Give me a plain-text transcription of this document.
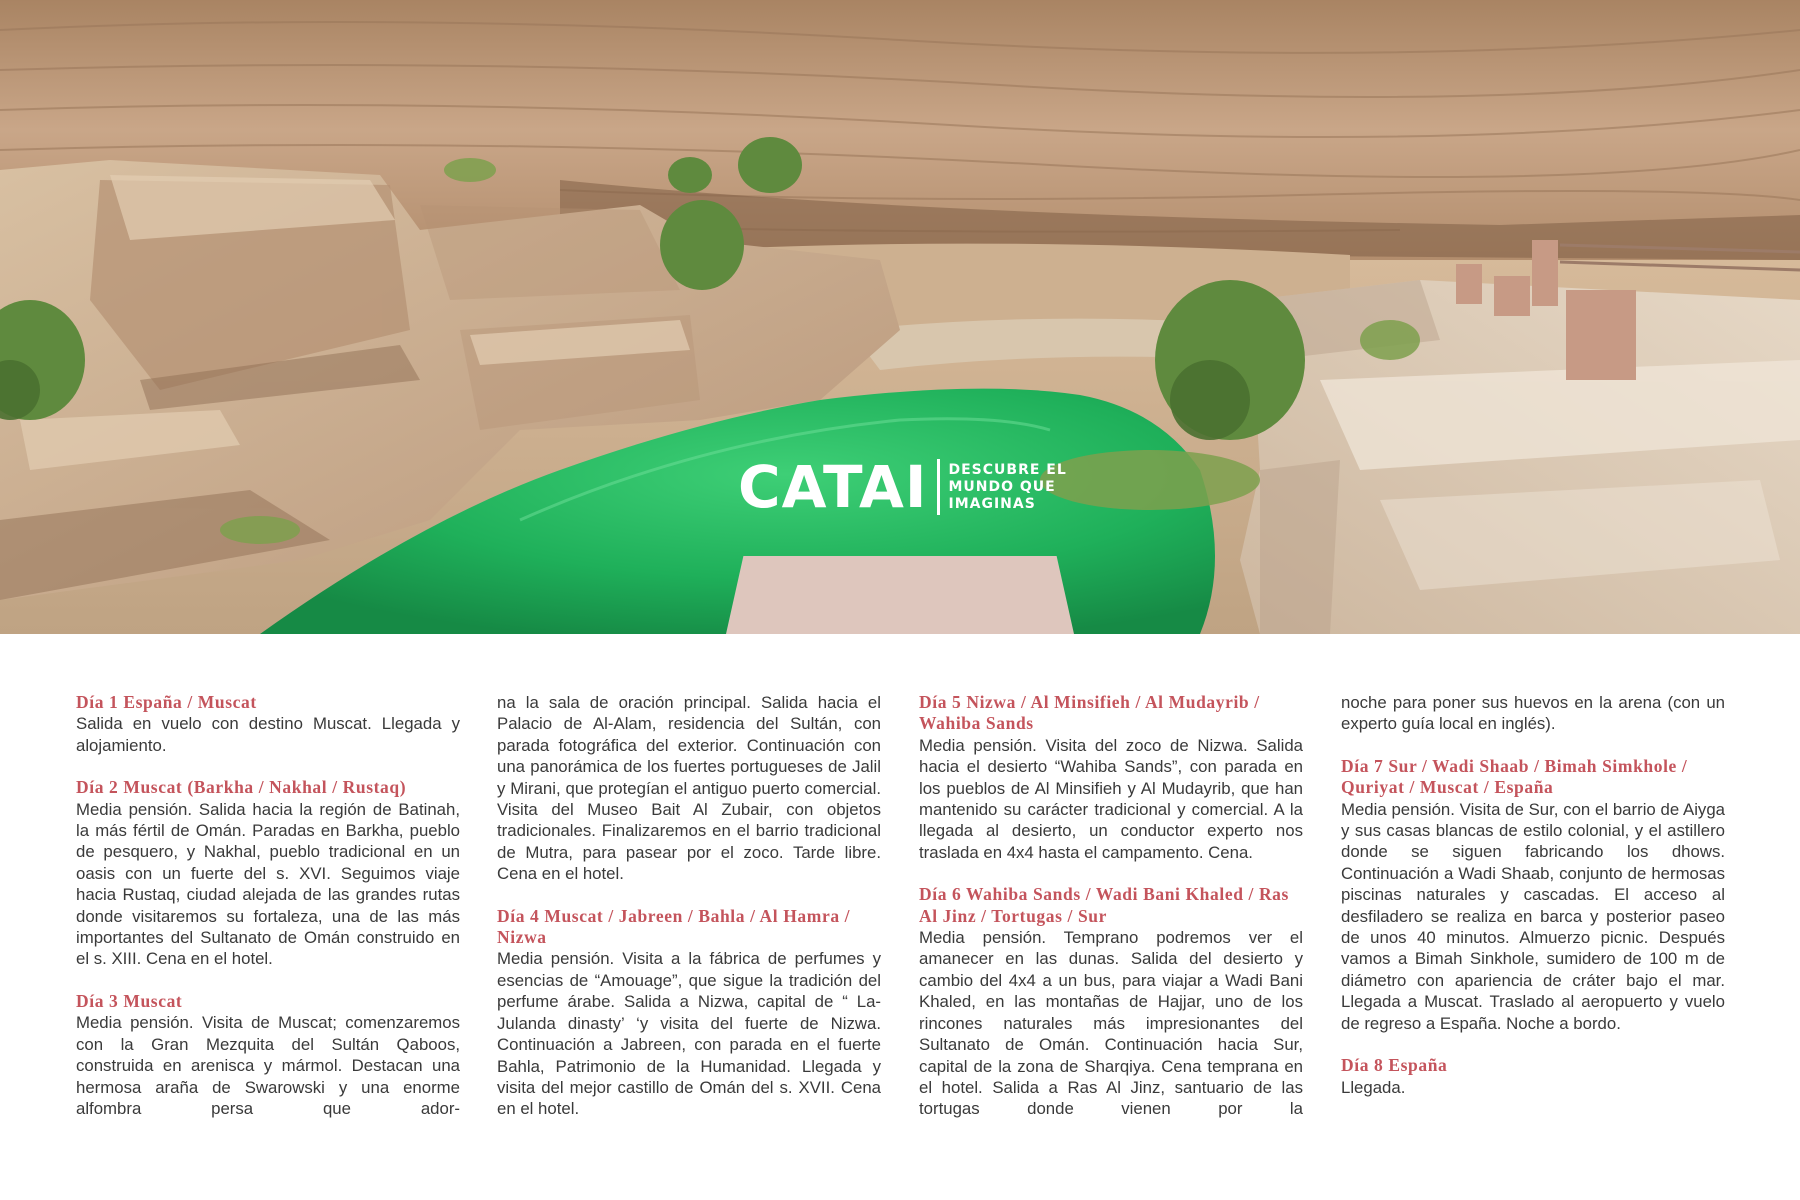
CATAI DESCUBRE EL
MUNDO QUE
IMAGINAS
Día 1 España / Muscat
Salida en vuelo con destino Muscat. Llegada y alojamiento.
Día 2 Muscat (Barkha / Nakhal / Rustaq)
Media pensión. Salida hacia la región de Batinah, la más fértil de Omán. Paradas en Barkha, pueblo de pesquero, y Nakhal, pueblo tradicional en un oasis con un fuerte del s. XVI. Seguimos viaje hacia Rustaq, ciudad alejada de las grandes rutas donde visitaremos su fortaleza, una de las más importantes del Sultanato de Omán construido en el s. XIII. Cena en el hotel.
Día 3 Muscat
Media pensión. Visita de Muscat; comenzaremos con la Gran Mezquita del Sultán Qaboos, construida en arenisca y mármol. Destacan una hermosa araña de Swarowski y una enorme alfombra persa que ador-
na la sala de oración principal. Salida hacia el Palacio de Al-Alam, residencia del Sultán, con parada fotográfica del exterior. Continuación con una panorámica de los fuertes portugueses de Jalil y Mirani, que protegían el antiguo puerto comercial. Visita del Museo Bait Al Zubair, con objetos tradicionales. Finalizaremos en el barrio tradicional de Mutra, para pasear por el zoco. Tarde libre. Cena en el hotel.
Día 4 Muscat / Jabreen / Bahla / Al Hamra / Nizwa
Media pensión. Visita a la fábrica de perfumes y esencias de “Amouage”, que sigue la tradición del perfume árabe. Salida a Nizwa, capital de “ La- Julanda dinasty’ ‘y visita del fuerte de Nizwa. Continuación a Jabreen, con parada en el fuerte Bahla, Patrimonio de la Humanidad. Llegada y visita del mejor castillo de Omán del s. XVII. Cena en el hotel.
Día 5 Nizwa / Al Minsifieh / Al Mudayrib / Wahiba Sands
Media pensión. Visita del zoco de Nizwa. Salida hacia el desierto “Wahiba Sands”, con parada en los pueblos de Al Minsifieh y Al Mudayrib, que han mantenido su carácter tradicional y comercial. A la llegada al desierto, un conductor experto nos traslada en 4x4 hasta el campamento. Cena.
Día 6 Wahiba Sands / Wadi Bani Khaled / Ras Al Jinz / Tortugas / Sur
Media pensión. Temprano podremos ver el amanecer en las dunas. Salida del desierto y cambio del 4x4 a un bus, para viajar a Wadi Bani Khaled, en las montañas de Hajjar, uno de los rincones naturales más impresionantes del Sultanato de Omán. Continuación hacia Sur, capital de la zona de Sharqiya. Cena temprana en el hotel. Salida a Ras Al Jinz, santuario de las tortugas donde vienen por la
noche para poner sus huevos en la arena (con un experto guía local en inglés).
Día 7 Sur / Wadi Shaab / Bimah Simkhole / Quriyat / Muscat / España
Media pensión. Visita de Sur, con el barrio de Aiyga y sus casas blancas de estilo colonial, y el astillero donde se siguen fabricando los dhows. Continuación a Wadi Shaab, conjunto de hermosas piscinas naturales y cascadas. El acceso al desfiladero se realiza en barca y posterior paseo de unos 40 minutos. Almuerzo picnic. Después vamos a Bimah Sinkhole, sumidero de 100 m de diámetro con apariencia de cráter bajo el mar. Llegada a Muscat. Traslado al aeropuerto y vuelo de regreso a España. Noche a bordo.
Día 8 España
Llegada.
